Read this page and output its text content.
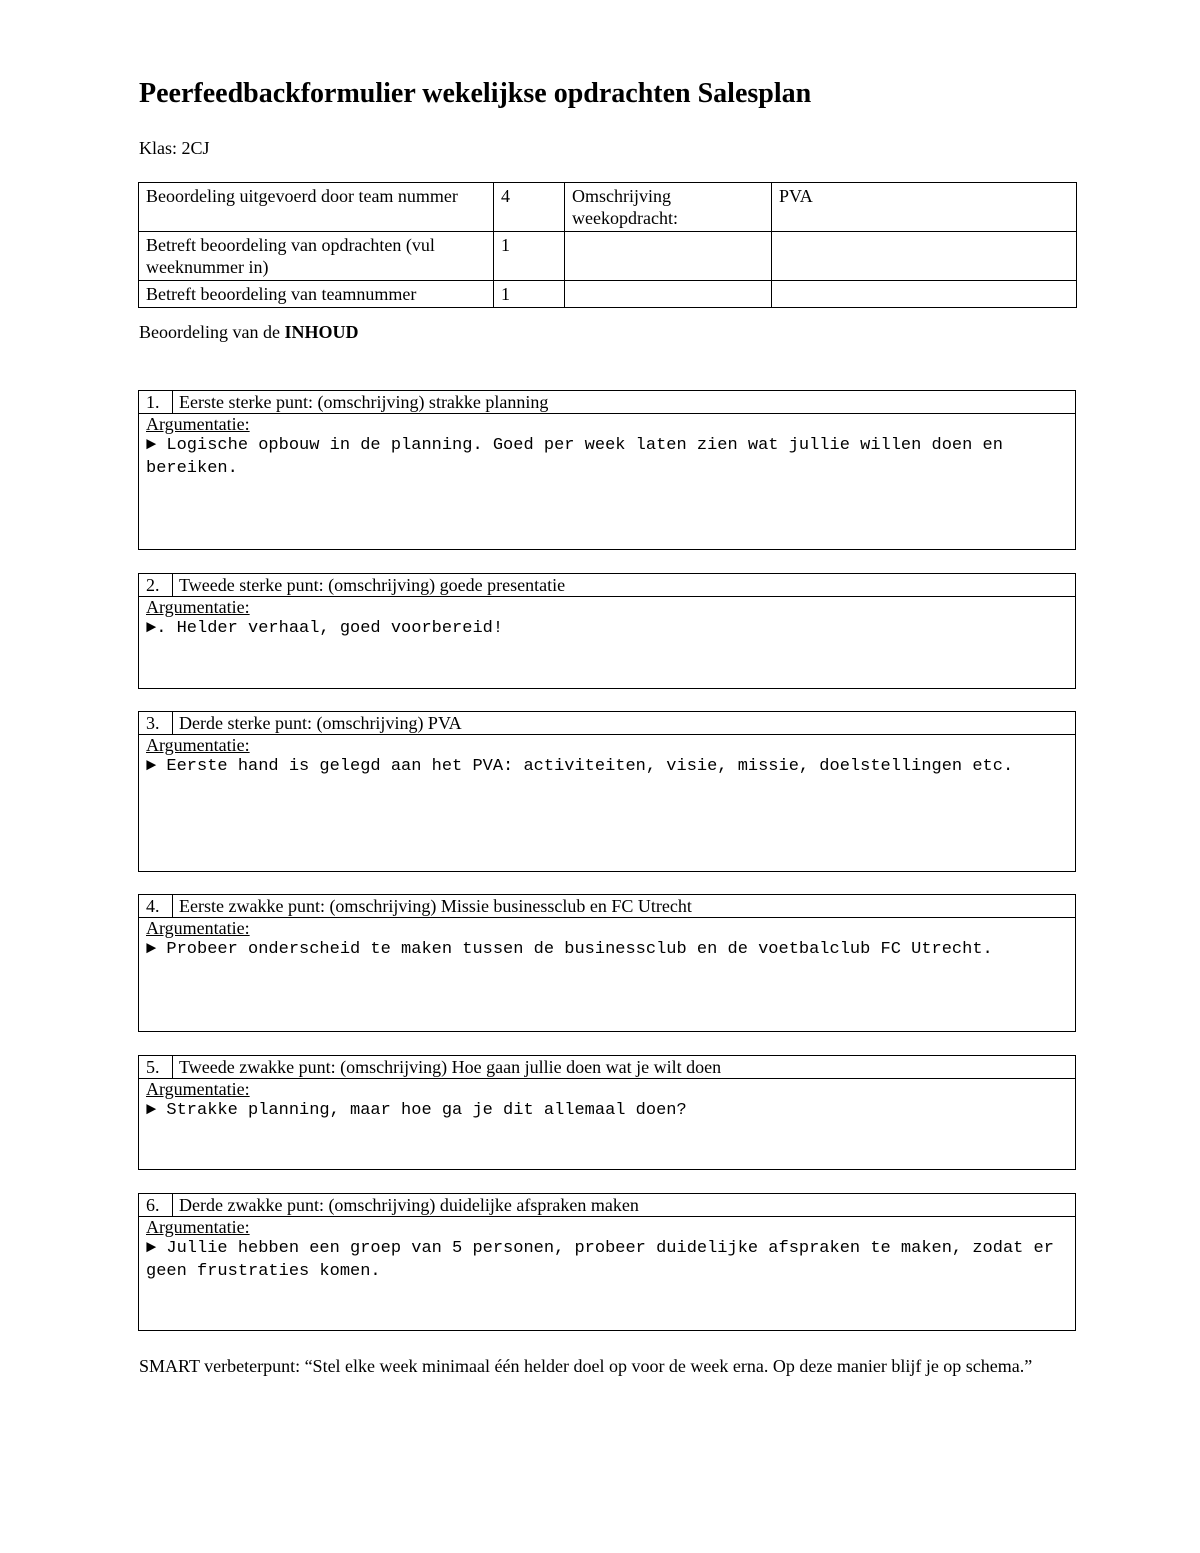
Peerfeedbackformulier wekelijkse opdrachten Salesplan
Klas: 2CJ
Beoordeling uitgevoerd door team nummer	4	Omschrijving weekopdracht:	PVA
Betreft beoordeling van opdrachten (vul weeknummer in)	1		
Betreft beoordeling van teamnummer	1		
Beoordeling van de INHOUD
1.	Eerste sterke punt: (omschrijving) strakke planning
Argumentatie:
► Logische opbouw in de planning. Goed per week laten zien wat jullie willen doen en bereiken.
2.	Tweede sterke punt: (omschrijving) goede presentatie
Argumentatie:
►. Helder verhaal, goed voorbereid!
3.	Derde sterke punt: (omschrijving) PVA
Argumentatie:
► Eerste hand is gelegd aan het PVA: activiteiten, visie, missie, doelstellingen etc.
4.	Eerste zwakke punt: (omschrijving) Missie businessclub en FC Utrecht
Argumentatie:
► Probeer onderscheid te maken tussen de businessclub en de voetbalclub FC Utrecht.
5.	Tweede zwakke punt: (omschrijving) Hoe gaan jullie doen wat je wilt doen
Argumentatie:
► Strakke planning, maar hoe ga je dit allemaal doen?
6.	Derde zwakke punt: (omschrijving) duidelijke afspraken maken
Argumentatie:
► Jullie hebben een groep van 5 personen, probeer duidelijke afspraken te maken, zodat er geen frustraties komen.
SMART verbeterpunt: “Stel elke week minimaal één helder doel op voor de week erna. Op deze manier blijf je op schema.”
